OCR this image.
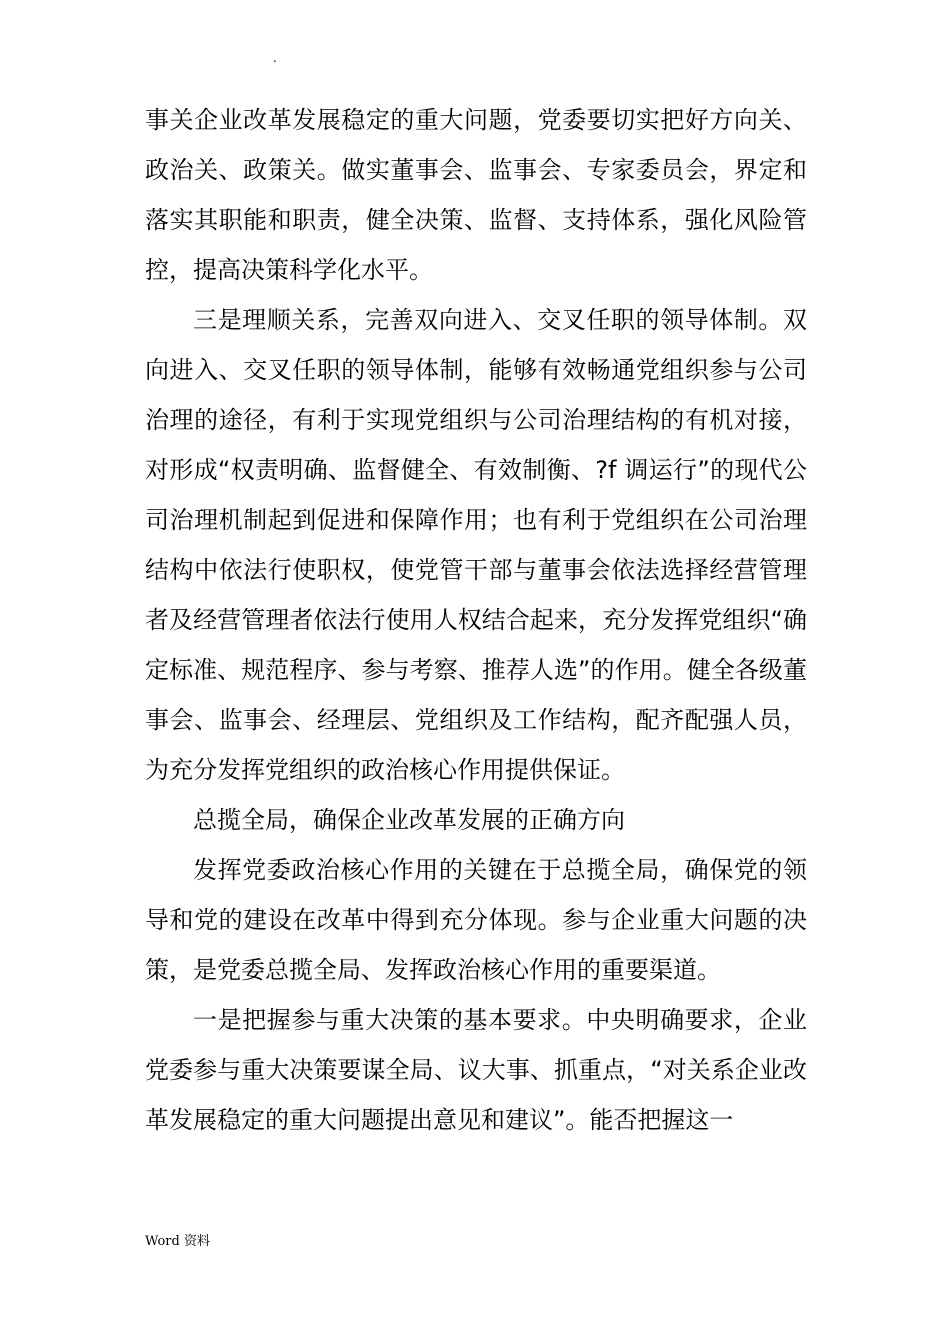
.

事关企业改革发展稳定的重大问题，党委要切实把好方向关、政治关、政策关。做实董事会、监事会、专家委员会，界定和落实其职能和职责，健全决策、监督、支持体系，强化风险管控，提高决策科学化水平。

三是理顺关系，完善双向进入、交叉任职的领导体制。双向进入、交叉任职的领导体制，能够有效畅通党组织参与公司治理的途径，有利于实现党组织与公司治理结构的有机对接，对形成“权责明确、监督健全、有效制衡、?f 调运行”的现代公司治理机制起到促进和保障作用；也有利于党组织在公司治理结构中依法行使职权，使党管干部与董事会依法选择经营管理者及经营管理者依法行使用人权结合起来，充分发挥党组织“确定标准、规范程序、参与考察、推荐人选”的作用。健全各级董事会、监事会、经理层、党组织及工作结构，配齐配强人员，为充分发挥党组织的政治核心作用提供保证。

总揽全局，确保企业改革发展的正确方向

发挥党委政治核心作用的关键在于总揽全局，确保党的领导和党的建设在改革中得到充分体现。参与企业重大问题的决策，是党委总揽全局、发挥政治核心作用的重要渠道。

一是把握参与重大决策的基本要求。中央明确要求，企业党委参与重大决策要谋全局、议大事、抓重点，“对关系企业改革发展稳定的重大问题提出意见和建议”。能否把握这一

Word 资料
